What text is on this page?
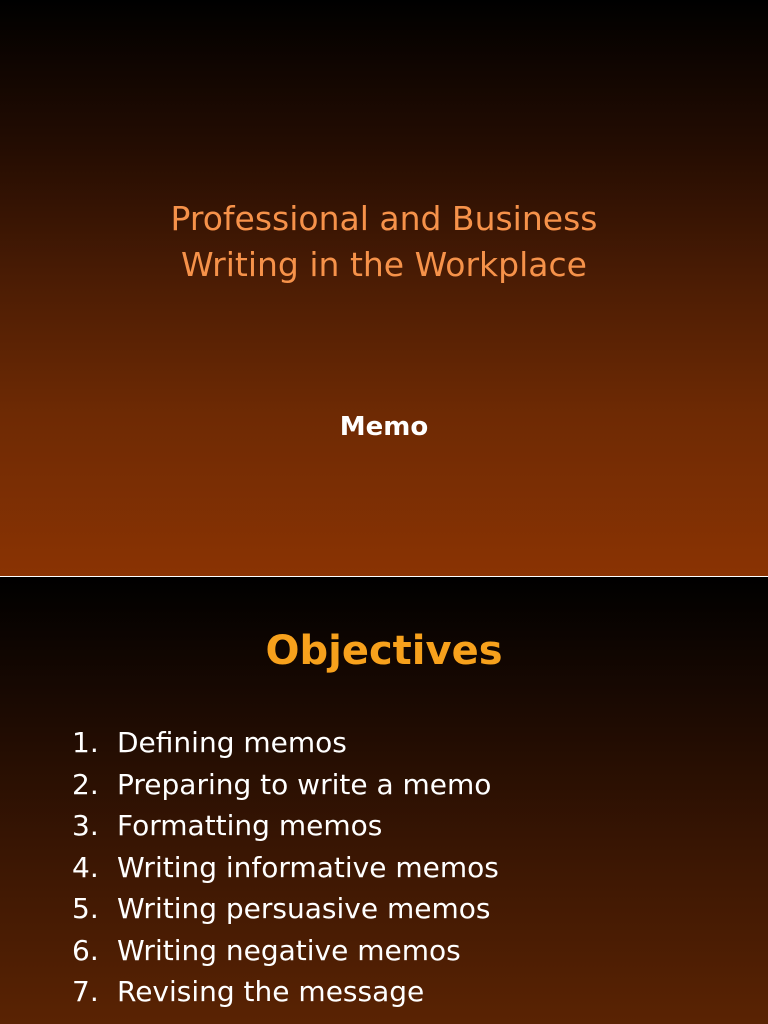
Professional and Business
Writing in the Workplace

Memo

Objectives
1. Defining memos
2. Preparing to write a memo
3. Formatting memos
4. Writing informative memos
5. Writing persuasive memos
6. Writing negative memos
7. Revising the message
